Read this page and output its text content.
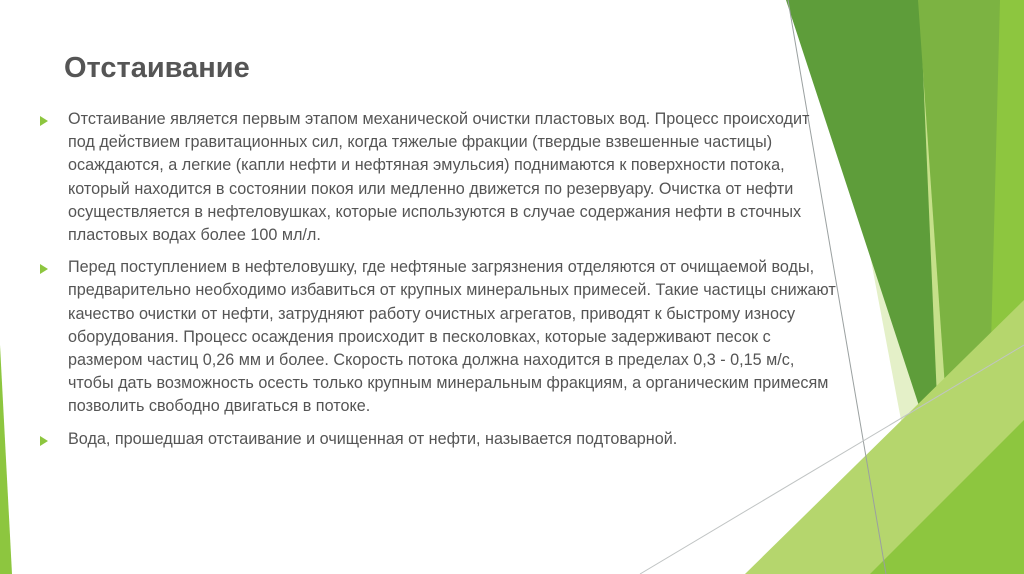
Отстаивание
Отстаивание является первым этапом механической очистки пластовых вод. Процесс происходит под действием гравитационных сил, когда тяжелые фракции (твердые взвешенные частицы) осаждаются, а легкие (капли нефти и нефтяная эмульсия) поднимаются к поверхности потока, который находится в состоянии покоя или медленно движется по резервуару. Очистка от нефти осуществляется в нефтеловушках, которые используются в случае содержания нефти в сточных пластовых водах более 100 мл/л.
Перед поступлением в нефтеловушку, где нефтяные загрязнения отделяются от очищаемой воды, предварительно необходимо избавиться от крупных минеральных примесей. Такие частицы снижают качество очистки от нефти, затрудняют работу очистных агрегатов, приводят к быстрому износу оборудования. Процесс осаждения происходит в песколовках, которые задерживают песок с размером частиц 0,26 мм и более. Скорость потока должна находится в пределах 0,3 - 0,15 м/с, чтобы дать возможность осесть только крупным минеральным фракциям, а органическим примесям позволить свободно двигаться в потоке.
Вода, прошедшая отстаивание и очищенная от нефти, называется подтоварной.
